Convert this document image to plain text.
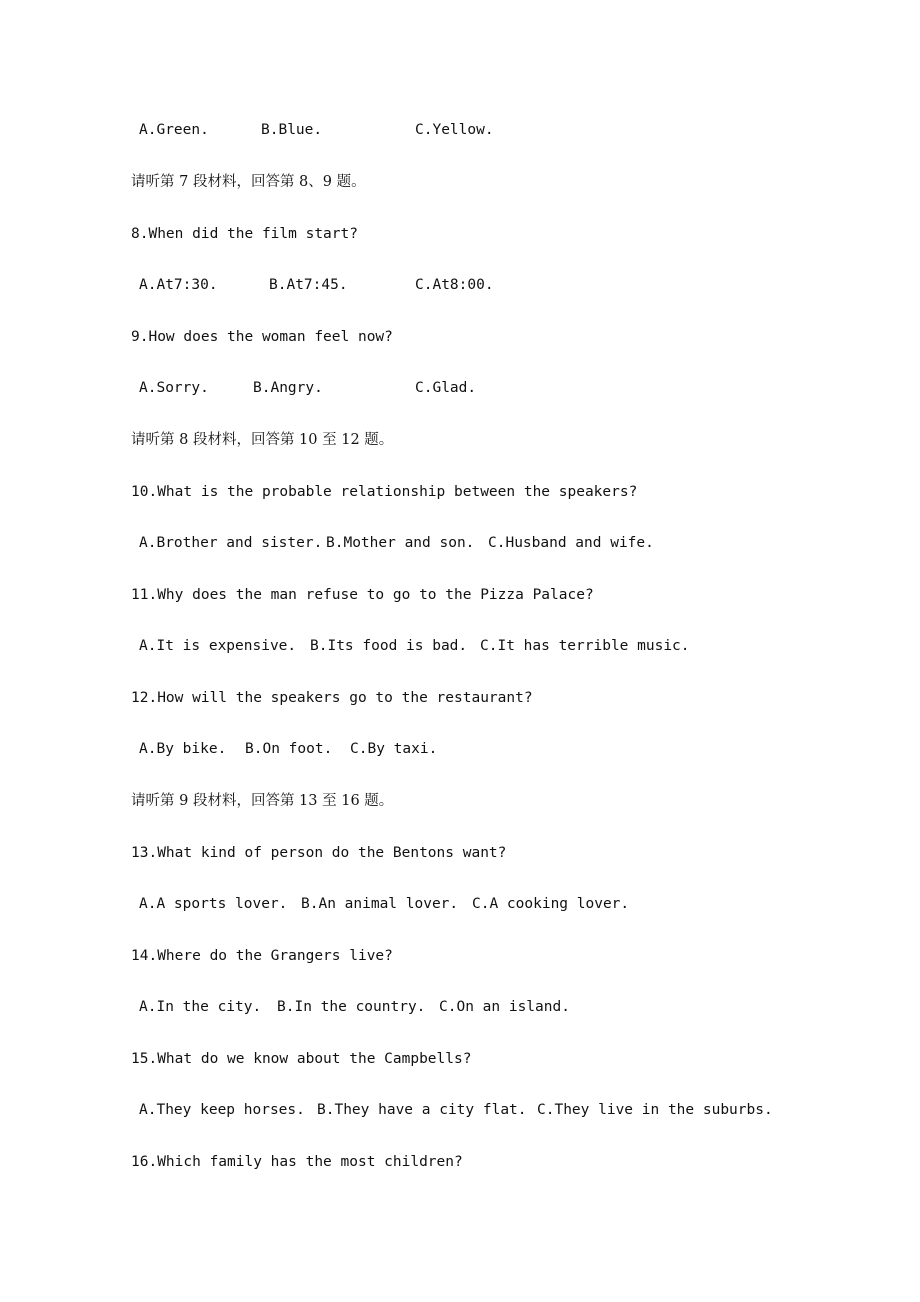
A.Green.

	B.Blue.

	C.Yellow.

请听第 7 段材料，回答第 8、9 题。
8.When did the film start?

A.At7:30.

	B.At7:45.

	C.At8:00.

9.How does the woman feel now?

A.Sorry.

	B.Angry.

	C.Glad.

请听第 8 段材料，回答第 10 至 12 题。
10.What is the probable relationship between the speakers?

A.Brother and sister.

B.Mother and son.

C.Husband and wife.

11.Why does the man refuse to go to the Pizza Palace?

A.It is expensive.

B.Its food is bad.

C.It has terrible music.

12.How will the speakers go to the restaurant?

A.By bike.

B.On foot.

C.By taxi.

请听第 9 段材料，回答第 13 至 16 题。
13.What kind of person do the Bentons want?

A.A sports lover.

B.An animal lover.

C.A cooking lover.

14.Where do the Grangers live?

A.In the city.

B.In the country.

C.On an island.

15.What do we know about the Campbells?

A.They keep horses.

B.They have a city flat.

C.They live in the suburbs.

16.Which family has the most children?
